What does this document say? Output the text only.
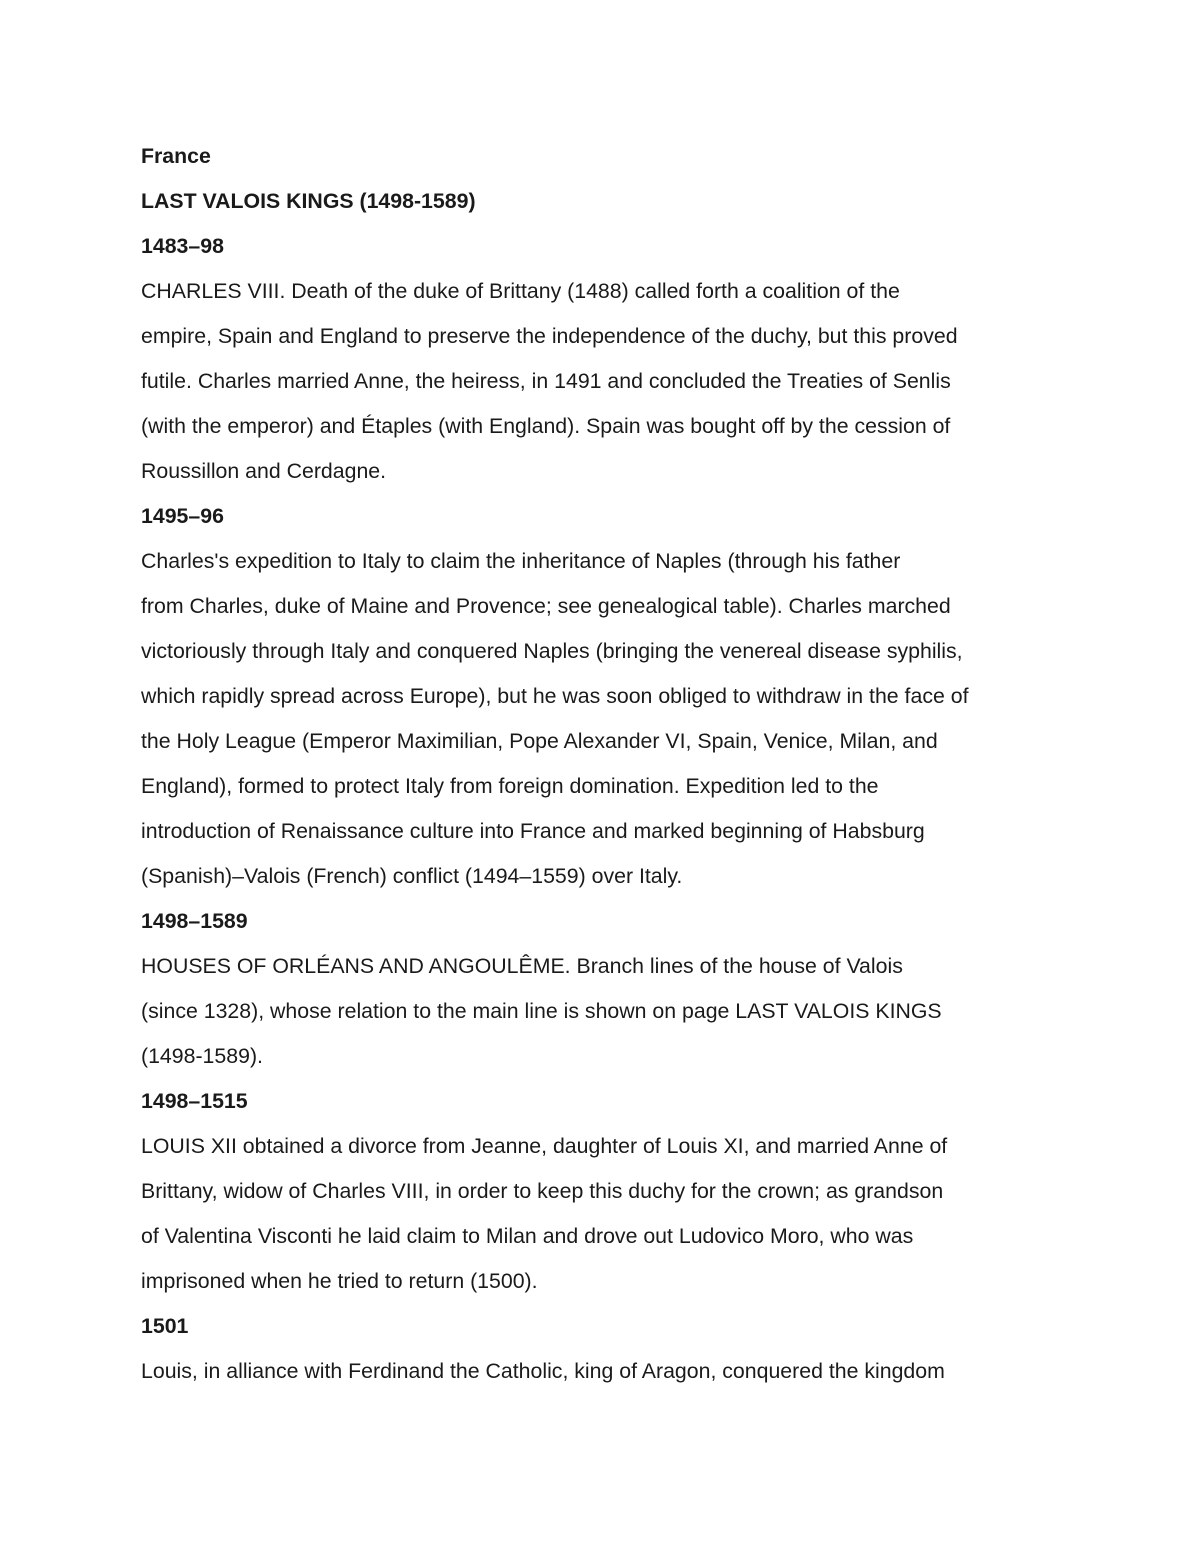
France
LAST VALOIS KINGS (1498-1589)
1483–98
CHARLES VIII. Death of the duke of Brittany (1488) called forth a coalition of the
empire, Spain and England to preserve the independence of the duchy, but this proved
futile. Charles married Anne, the heiress, in 1491 and concluded the Treaties of Senlis
(with the emperor) and Étaples (with England). Spain was bought off by the cession of
Roussillon and Cerdagne.
1495–96
Charles's expedition to Italy to claim the inheritance of Naples (through his father
from Charles, duke of Maine and Provence; see genealogical table). Charles marched
victoriously through Italy and conquered Naples (bringing the venereal disease syphilis,
which rapidly spread across Europe), but he was soon obliged to withdraw in the face of
the Holy League (Emperor Maximilian, Pope Alexander VI, Spain, Venice, Milan, and
England), formed to protect Italy from foreign domination. Expedition led to the
introduction of Renaissance culture into France and marked beginning of Habsburg
(Spanish)–Valois (French) conflict (1494–1559) over Italy.
1498–1589
HOUSES OF ORLÉANS AND ANGOULÊME. Branch lines of the house of Valois
(since 1328), whose relation to the main line is shown on page LAST VALOIS KINGS
(1498-1589).
1498–1515
LOUIS XII obtained a divorce from Jeanne, daughter of Louis XI, and married Anne of
Brittany, widow of Charles VIII, in order to keep this duchy for the crown; as grandson
of Valentina Visconti he laid claim to Milan and drove out Ludovico Moro, who was
imprisoned when he tried to return (1500).
1501
Louis, in alliance with Ferdinand the Catholic, king of Aragon, conquered the kingdom
